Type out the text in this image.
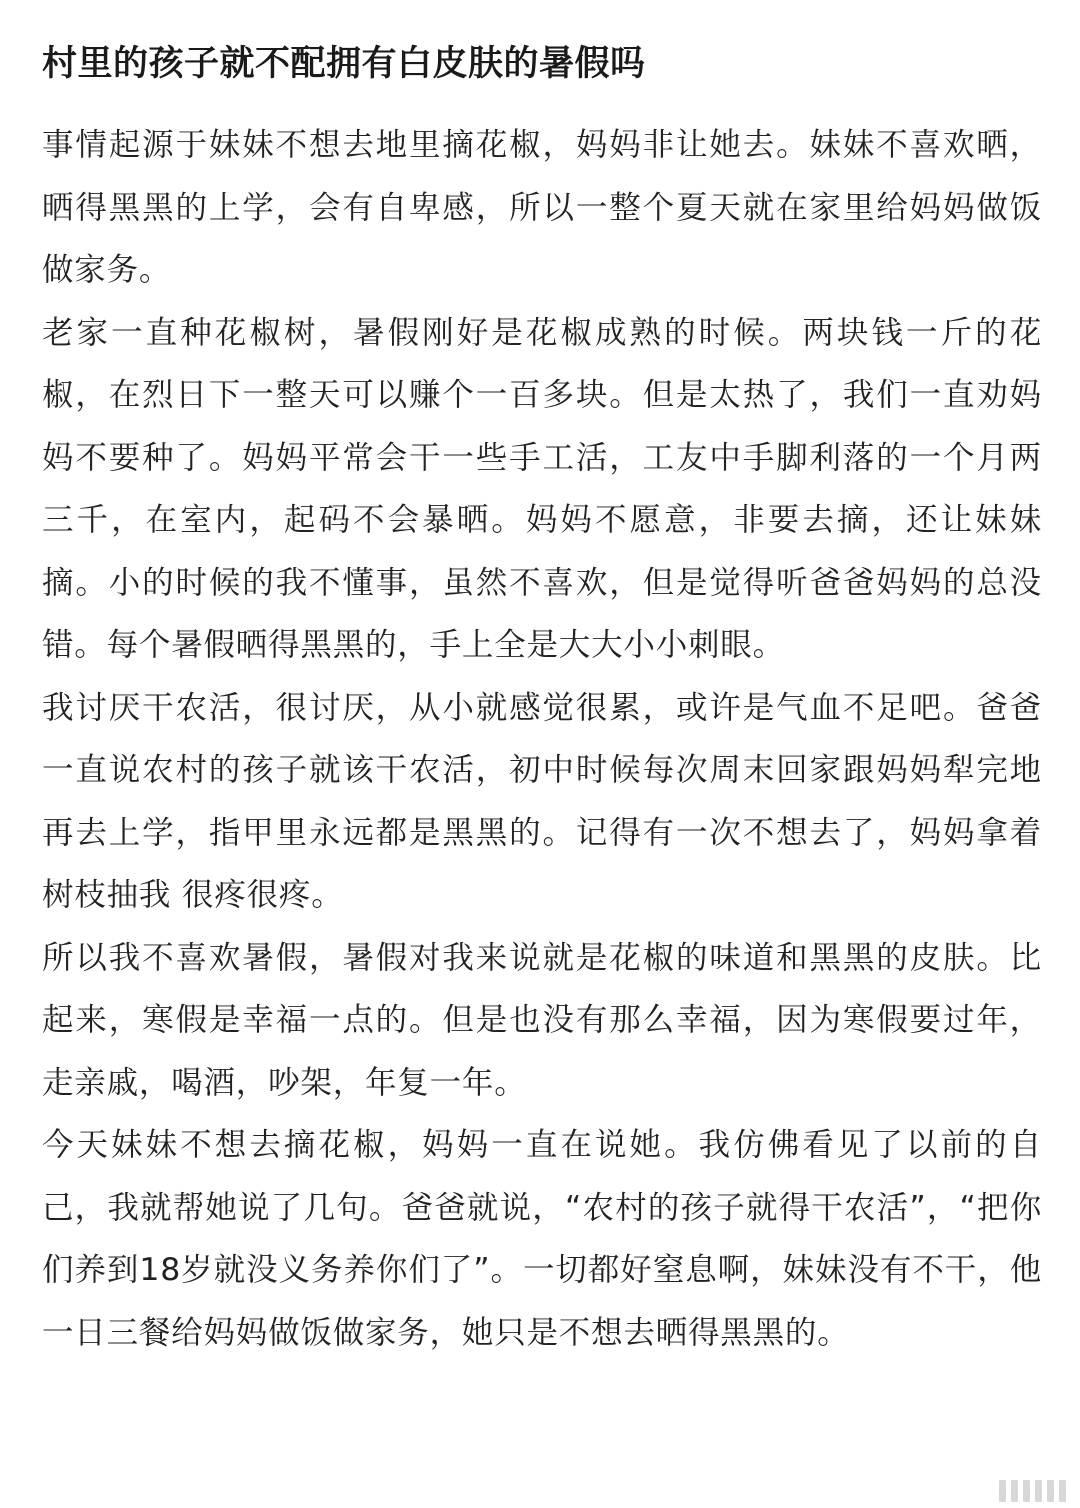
村里的孩子就不配拥有白皮肤的暑假吗

事情起源于妹妹不想去地里摘花椒，妈妈非让她去。妹妹不喜欢晒，晒得黑黑的上学，会有自卑感，所以一整个夏天就在家里给妈妈做饭做家务。

老家一直种花椒树，暑假刚好是花椒成熟的时候。两块钱一斤的花椒，在烈日下一整天可以赚个一百多块。但是太热了，我们一直劝妈妈不要种了。妈妈平常会干一些手工活，工友中手脚利落的一个月两三千，在室内，起码不会暴晒。妈妈不愿意，非要去摘，还让妹妹摘。小的时候的我不懂事，虽然不喜欢，但是觉得听爸爸妈妈的总没错。每个暑假晒得黑黑的，手上全是大大小小刺眼。

我讨厌干农活，很讨厌，从小就感觉很累，或许是气血不足吧。爸爸一直说农村的孩子就该干农活，初中时候每次周末回家跟妈妈犁完地再去上学，指甲里永远都是黑黑的。记得有一次不想去了，妈妈拿着树枝抽我 很疼很疼。

所以我不喜欢暑假，暑假对我来说就是花椒的味道和黑黑的皮肤。比起来，寒假是幸福一点的。但是也没有那么幸福，因为寒假要过年，走亲戚，喝酒，吵架，年复一年。

今天妹妹不想去摘花椒，妈妈一直在说她。我仿佛看见了以前的自己，我就帮她说了几句。爸爸就说，“农村的孩子就得干农活”，“把你们养到18岁就没义务养你们了”。一切都好窒息啊，妹妹没有不干，他一日三餐给妈妈做饭做家务，她只是不想去晒得黑黑的。
